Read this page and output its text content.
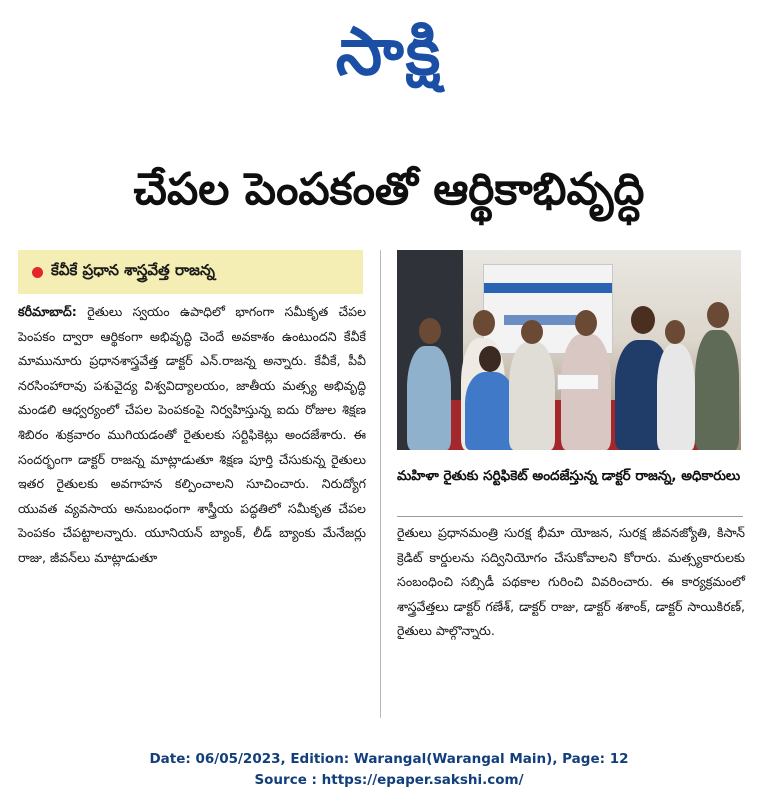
సాక్షి
చేపల పెంపకంతో ఆర్థికాభివృద్ధి
కేవీకే ప్రధాన శాస్త్రవేత్త రాజన్న

కరీమాబాద్: రైతులు స్వయం ఉపాధిలో భాగంగా సమీకృత చేపల పెంపకం ద్వారా ఆర్థికంగా అభివృద్ధి చెందే అవకాశం ఉంటుందని కేవీకే మామునూరు ప్రధానశాస్త్రవేత్త డాక్టర్ ఎన్.రాజన్న అన్నారు. కేవీకే, పీవీ నరసింహారావు పశువైద్య విశ్వవిద్యాలయం, జాతీయ మత్స్య అభివృద్ధి మండలి ఆధ్వర్యంలో చేపల పెంపకంపై నిర్వహిస్తున్న ఐదు రోజుల శిక్షణ శిబిరం శుక్రవారం ముగియడంతో రైతులకు సర్టిఫికెట్లు అందజేశారు. ఈ సందర్భంగా డాక్టర్ రాజన్న మాట్లాడుతూ శిక్షణ పూర్తి చేసుకున్న రైతులు ఇతర రైతులకు అవగాహన కల్పించాలని సూచించారు. నిరుద్యోగ యువత వ్యవసాయ అనుబంధంగా శాస్త్రీయ పద్ధతిలో సమీకృత చేపల పెంపకం చేపట్టాలన్నారు. యూనియన్ బ్యాంక్, లీడ్ బ్యాంకు మేనేజర్లు రాజు, జీవన్‌లు మాట్లాడుతూ

మహిళా రైతుకు సర్టిఫికెట్ అందజేస్తున్న డాక్టర్ రాజన్న, అధికారులు

రైతులు ప్రధానమంత్రి సురక్ష భీమా యోజన, సురక్ష జీవనజ్యోతి, కిసాన్ క్రెడిట్ కార్డులను సద్వినియోగం చేసుకోవాలని కోరారు. మత్స్యకారులకు సంబంధించి సబ్సిడీ పథకాల గురించి వివరించారు. ఈ కార్యక్రమంలో శాస్త్రవేత్తలు డాక్టర్ గణేశ్, డాక్టర్ రాజు, డాక్టర్ శశాంక్, డాక్టర్ సాయికిరణ్, రైతులు పాల్గొన్నారు.

Date: 06/05/2023, Edition: Warangal(Warangal Main), Page: 12
Source : https://epaper.sakshi.com/
